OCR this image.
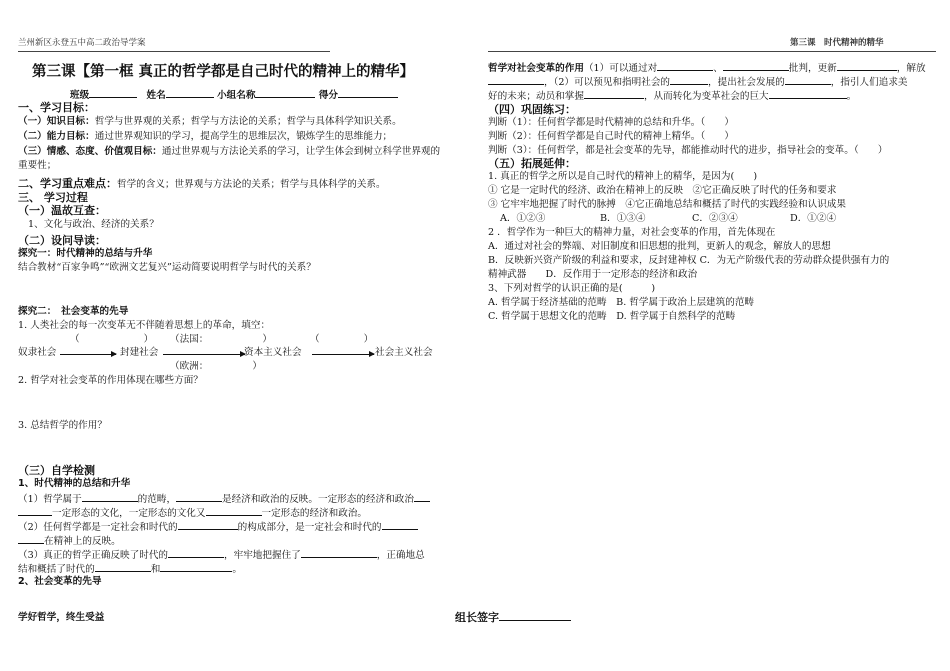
兰州新区永登五中高二政治导学案	第三课　时代精神的精华
第三课【第一框 真正的哲学都是自己时代的精神上的精华】
班级	姓名	小组名称	得分
一、学习目标：
（一）知识目标：哲学与世界观的关系；哲学与方法论的关系；哲学与具体科学知识关系。
（二）能力目标：通过世界观知识的学习，提高学生的思维层次，锻炼学生的思维能力；
（三）情感、态度、价值观目标：通过世界观与方法论关系的学习，让学生体会到树立科学世界观的
重要性；
二、学习重点难点：哲学的含义；世界观与方法论的关系；哲学与具体科学的关系。
三、 学习过程
（一）温故互查：
1、文化与政治、经济的关系？
（二）设问导读：
探究一：时代精神的总结与升华
结合教材“百家争鸣”“欧洲文艺复兴”运动简要说明哲学与时代的关系？
探究二：　社会变革的先导
1. 人类社会的每一次变革无不伴随着思想上的革命，填空：
（	） （法国：	）	（	）
奴隶社会	封建社会	资本主义社会	社会主义社会
（欧洲：	）
2. 哲学对社会变革的作用体现在哪些方面？
3. 总结哲学的作用？
（三）自学检测
1、时代精神的总结和升华
（1）哲学属于	的范畴，	是经济和政治的反映。一定形态的经济和政治
一定形态的文化，一定形态的文化又	一定形态的经济和政治。
（2）任何哲学都是一定社会和时代的	的构成部分，是一定社会和时代的
在精神上的反映。
（3）真正的哲学正确反映了时代的	，牢牢地把握住了	，正确地总
结和概括了时代的	和	。
2、社会变革的先导
哲学对社会变革的作用（1）可以通过对	、	批判，更新	，解放
，（2）可以预见和指明社会的	，提出社会发展的	，指引人们追求美
好的未来；动员和掌握	，从而转化为变革社会的巨大	。
（四）巩固练习：
判断（1）：任何哲学都是时代精神的总结和升华。（　　）
判断（2）：任何哲学都是自己时代的精神上精华。（　　）
判断（3）：任何哲学，都是社会变革的先导，都能推动时代的进步，指导社会的变革。（　　）
（五）拓展延伸：
1. 真正的哲学之所以是自己时代的精神上的精华，是因为(　　)
① 它是一定时代的经济、政治在精神上的反映　②它正确反映了时代的任务和要求
③ 它牢牢地把握了时代的脉搏　④它正确地总结和概括了时代的实践经验和认识成果
A．①②③	B．①③④	C．②③④	D．①②④
2 ．哲学作为一种巨大的精神力量，对社会变革的作用，首先体现在
A．通过对社会的弊端、对旧制度和旧思想的批判，更新人的观念，解放人的思想
B．反映新兴资产阶级的利益和要求，反封建神权 C．为无产阶级代表的劳动群众提供强有力的
精神武器　　D．反作用于一定形态的经济和政治
3、下列对哲学的认识正确的是(　　　)
A. 哲学属于经济基础的范畴　B. 哲学属于政治上层建筑的范畴
C. 哲学属于思想文化的范畴　D. 哲学属于自然科学的范畴
学好哲学，终生受益	组长签字
